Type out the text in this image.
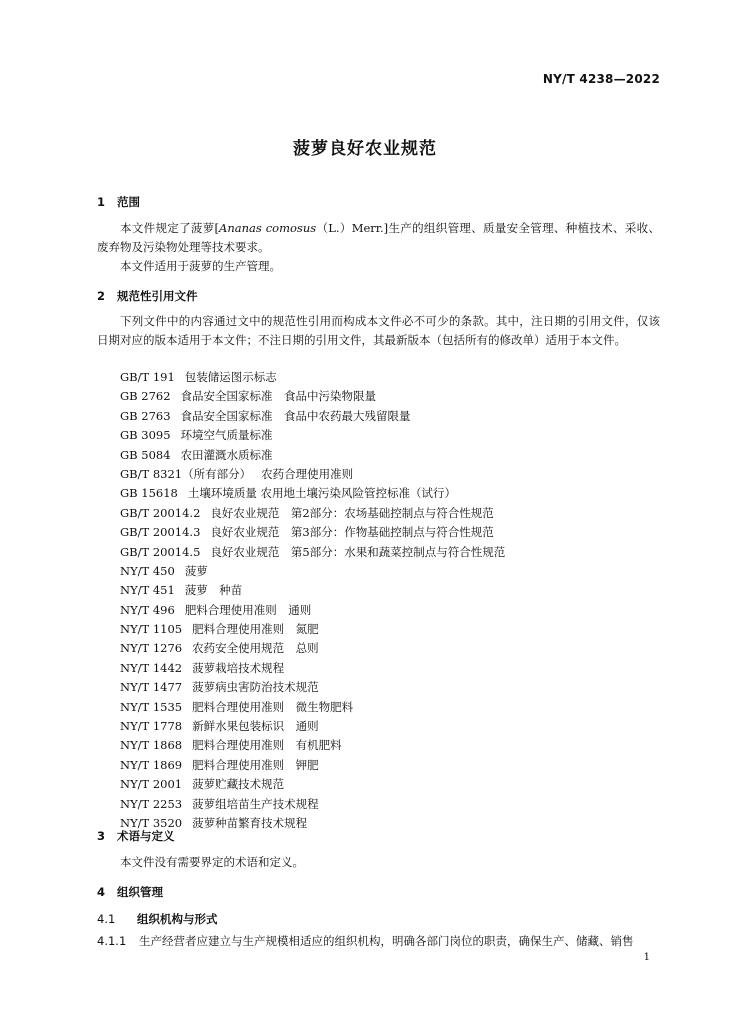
NY/T 4238—2022
菠萝良好农业规范
1 范围
本文件规定了菠萝[Ananas comosus（L.）Merr.]生产的组织管理、质量安全管理、种植技术、采收、废弃物及污染物处理等技术要求。
本文件适用于菠萝的生产管理。
2 规范性引用文件
下列文件中的内容通过文中的规范性引用而构成本文件必不可少的条款。其中，注日期的引用文件，仅该日期对应的版本适用于本文件；不注日期的引用文件，其最新版本（包括所有的修改单）适用于本文件。
GB/T 191 包装储运图示标志
GB 2762 食品安全国家标准　食品中污染物限量
GB 2763 食品安全国家标准　食品中农药最大残留限量
GB 3095 环境空气质量标准
GB 5084 农田灌溉水质标准
GB/T 8321（所有部分） 农药合理使用准则
GB 15618 土壤环境质量 农用地土壤污染风险管控标准（试行）
GB/T 20014.2 良好农业规范　第2部分：农场基础控制点与符合性规范
GB/T 20014.3 良好农业规范　第3部分：作物基础控制点与符合性规范
GB/T 20014.5 良好农业规范　第5部分：水果和蔬菜控制点与符合性规范
NY/T 450 菠萝
NY/T 451 菠萝　种苗
NY/T 496 肥料合理使用准则　通则
NY/T 1105 肥料合理使用准则　氮肥
NY/T 1276 农药安全使用规范　总则
NY/T 1442 菠萝栽培技术规程
NY/T 1477 菠萝病虫害防治技术规范
NY/T 1535 肥料合理使用准则　微生物肥料
NY/T 1778 新鲜水果包装标识　通则
NY/T 1868 肥料合理使用准则　有机肥料
NY/T 1869 肥料合理使用准则　钾肥
NY/T 2001 菠萝贮藏技术规范
NY/T 2253 菠萝组培苗生产技术规程
NY/T 3520 菠萝种苗繁育技术规程
3 术语与定义
本文件没有需要界定的术语和定义。
4 组织管理
4.1 组织机构与形式
4.1.1 生产经营者应建立与生产规模相适应的组织机构，明确各部门岗位的职责，确保生产、储藏、销售
1
